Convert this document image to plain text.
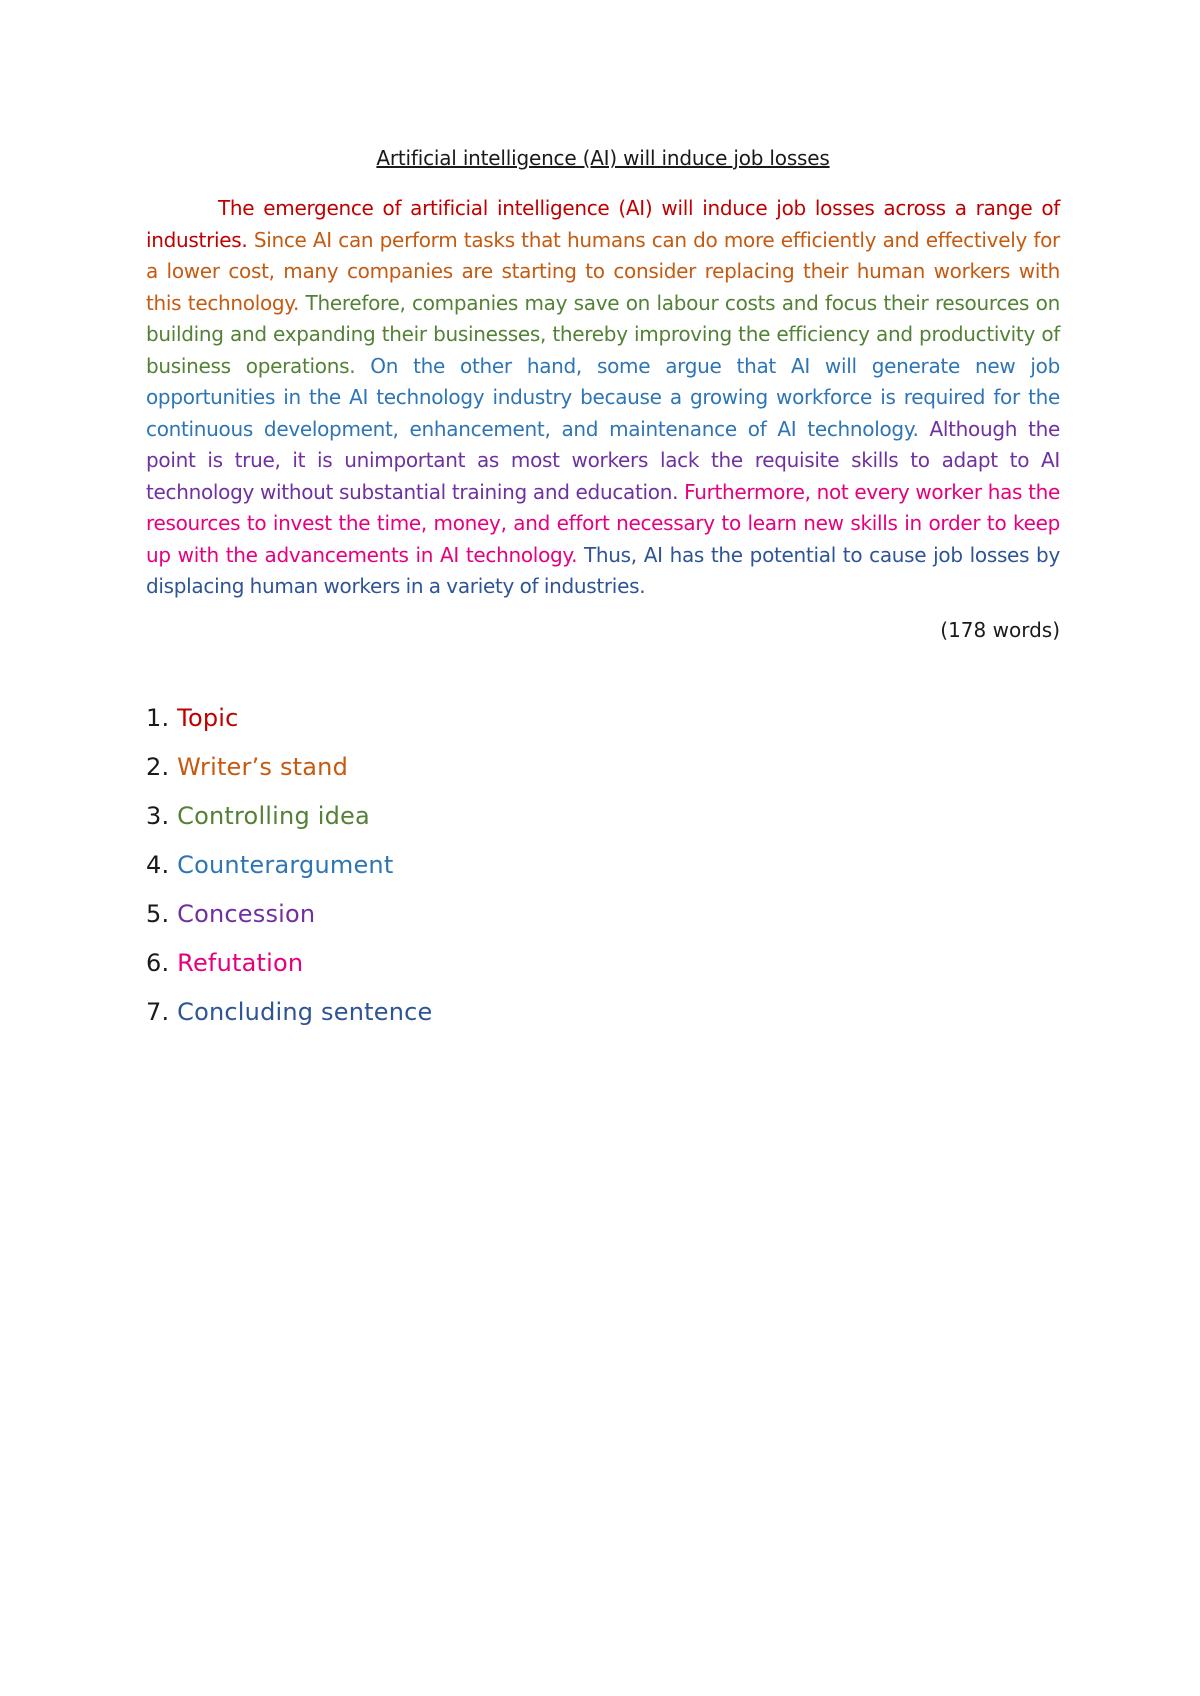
Artificial intelligence (AI) will induce job losses

The emergence of artificial intelligence (AI) will induce job losses across a range of industries. Since AI can perform tasks that humans can do more efficiently and effectively for a lower cost, many companies are starting to consider replacing their human workers with this technology. Therefore, companies may save on labour costs and focus their resources on building and expanding their businesses, thereby improving the efficiency and productivity of business operations. On the other hand, some argue that AI will generate new job opportunities in the AI technology industry because a growing workforce is required for the continuous development, enhancement, and maintenance of AI technology. Although the point is true, it is unimportant as most workers lack the requisite skills to adapt to AI technology without substantial training and education. Furthermore, not every worker has the resources to invest the time, money, and effort necessary to learn new skills in order to keep up with the advancements in AI technology. Thus, AI has the potential to cause job losses by displacing human workers in a variety of industries.

(178 words)

1. Topic
2. Writer’s stand
3. Controlling idea
4. Counterargument
5. Concession
6. Refutation
7. Concluding sentence
